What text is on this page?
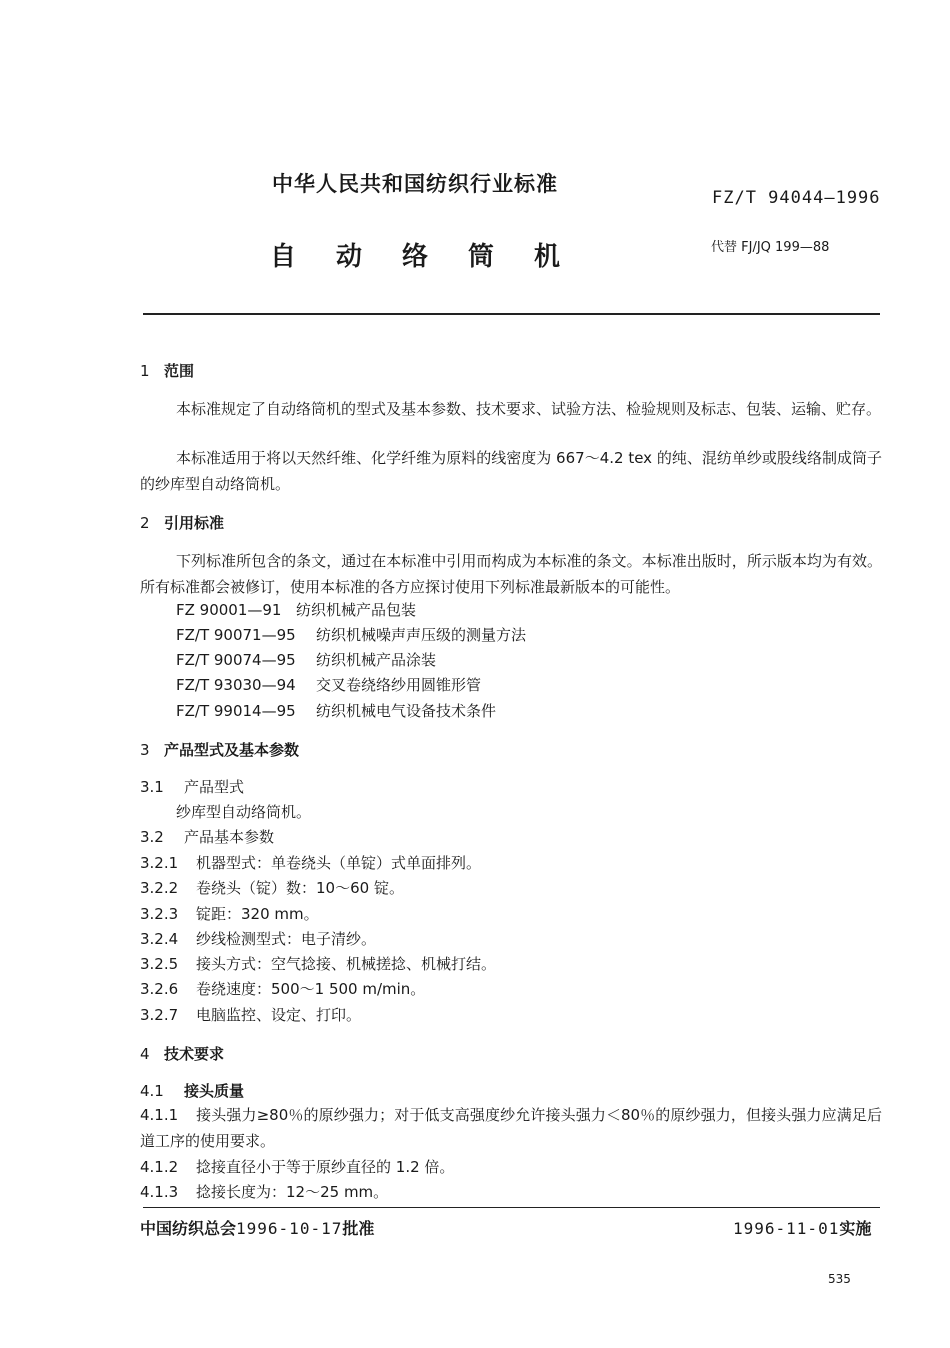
中华人民共和国纺织行业标准
FZ/T 94044—1996
自动络筒机	代替 FJ/JQ 199—88
1 范围
本标准规定了自动络筒机的型式及基本参数、技术要求、试验方法、检验规则及标志、包装、运输、贮存。
本标准适用于将以天然纤维、化学纤维为原料的线密度为 667～4.2 tex 的纯、混纺单纱或股线络制成筒子的纱库型自动络筒机。
2 引用标准
下列标准所包含的条文，通过在本标准中引用而构成为本标准的条文。本标准出版时，所示版本均为有效。所有标准都会被修订，使用本标准的各方应探讨使用下列标准最新版本的可能性。
FZ 90001—91 纺织机械产品包装
FZ/T 90071—95 纺织机械噪声声压级的测量方法
FZ/T 90074—95 纺织机械产品涂装
FZ/T 93030—94 交叉卷绕络纱用圆锥形管
FZ/T 99014—95 纺织机械电气设备技术条件
3 产品型式及基本参数
3.1 产品型式
纱库型自动络筒机。
3.2 产品基本参数
3.2.1 机器型式：单卷绕头（单锭）式单面排列。
3.2.2 卷绕头（锭）数：10～60 锭。
3.2.3 锭距：320 mm。
3.2.4 纱线检测型式：电子清纱。
3.2.5 接头方式：空气捻接、机械搓捻、机械打结。
3.2.6 卷绕速度：500～1 500 m/min。
3.2.7 电脑监控、设定、打印。
4 技术要求
4.1 接头质量
4.1.1 接头强力≥80％的原纱强力；对于低支高强度纱允许接头强力＜80％的原纱强力，但接头强力应满足后道工序的使用要求。
4.1.2 捻接直径小于等于原纱直径的 1.2 倍。
4.1.3 捻接长度为：12～25 mm。
中国纺织总会1996-10-17批准	1996-11-01实施
535
